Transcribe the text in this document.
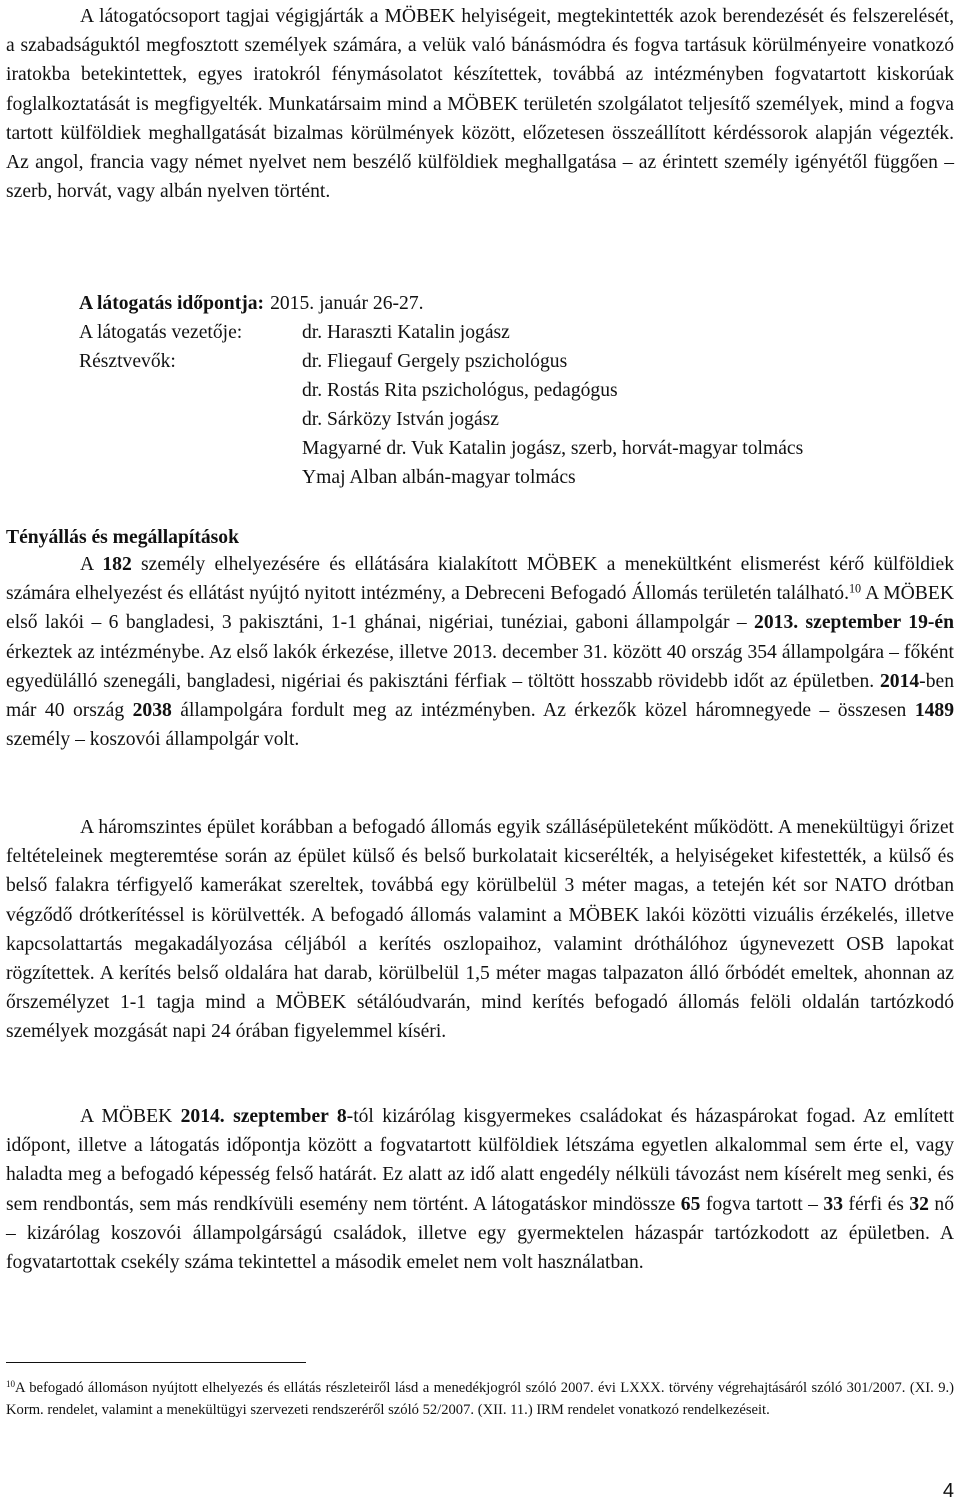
A látogatócsoport tagjai végigjárták a MÖBEK helyiségeit, megtekintették azok berendezését és felszerelését, a szabadságuktól megfosztott személyek számára, a velük való bánásmódra és fogva tartásuk körülményeire vonatkozó iratokba betekintettek, egyes iratokról fénymásolatot készítettek, továbbá az intézményben fogvatartott kiskorúak foglalkoztatását is megfigyelték. Munkatársaim mind a MÖBEK területén szolgálatot teljesítő személyek, mind a fogva tartott külföldiek meghallgatását bizalmas körülmények között, előzetesen összeállított kérdéssorok alapján végezték. Az angol, francia vagy német nyelvet nem beszélő külföldiek meghallgatása – az érintett személy igényétől függően – szerb, horvát, vagy albán nyelven történt.

A látogatás időpontja: 2015. január 26-27.
A látogatás vezetője:	dr. Haraszti Katalin jogász
Résztvevők:	dr. Fliegauf Gergely pszichológus
dr. Rostás Rita pszichológus, pedagógus
dr. Sárközy István jogász
Magyarné dr. Vuk Katalin jogász, szerb, horvát-magyar tolmács
Ymaj Alban albán-magyar tolmács
Tényállás és megállapítások

A 182 személy elhelyezésére és ellátására kialakított MÖBEK a menekültként elismerést kérő külföldiek számára elhelyezést és ellátást nyújtó nyitott intézmény, a Debreceni Befogadó Állomás területén található.$^{10}$ A MÖBEK első lakói – 6 bangladesi, 3 pakisztáni, 1-1 ghánai, nigériai, tunéziai, gaboni állampolgár – 2013. szeptember 19-én érkeztek az intézménybe. Az első lakók érkezése, illetve 2013. december 31. között 40 ország 354 állampolgára – főként egyedülálló szenegáli, bangladesi, nigériai és pakisztáni férfiak – töltött hosszabb rövidebb időt az épületben. 2014-ben már 40 ország 2038 állampolgára fordult meg az intézményben. Az érkezők közel háromnegyede – összesen 1489 személy – koszovói állampolgár volt.

A háromszintes épület korábban a befogadó állomás egyik szállásépületeként működött. A menekültügyi őrizet feltételeinek megteremtése során az épület külső és belső burkolatait kicserélték, a helyiségeket kifestették, a külső és belső falakra térfigyelő kamerákat szereltek, továbbá egy körülbelül 3 méter magas, a tetején két sor NATO drótban végződő drótkerítéssel is körülvették. A befogadó állomás valamint a MÖBEK lakói közötti vizuális érzékelés, illetve kapcsolattartás megakadályozása céljából a kerítés oszlopaihoz, valamint dróthálóhoz úgynevezett OSB lapokat rögzítettek. A kerítés belső oldalára hat darab, körülbelül 1,5 méter magas talpazaton álló őrbódét emeltek, ahonnan az őrszemélyzet 1-1 tagja mind a MÖBEK sétálóudvarán, mind kerítés befogadó állomás felöli oldalán tartózkodó személyek mozgását napi 24 órában figyelemmel kíséri.

A MÖBEK 2014. szeptember 8-tól kizárólag kisgyermekes családokat és házaspárokat fogad. Az említett időpont, illetve a látogatás időpontja között a fogvatartott külföldiek létszáma egyetlen alkalommal sem érte el, vagy haladta meg a befogadó képesség felső határát. Ez alatt az idő alatt engedély nélküli távozást nem kísérelt meg senki, és sem rendbontás, sem más rendkívüli esemény nem történt. A látogatáskor mindössze 65 fogva tartott – 33 férfi és 32 nő – kizárólag koszovói állampolgárságú családok, illetve egy gyermektelen házaspár tartózkodott az épületben. A fogvatartottak csekély száma tekintettel a második emelet nem volt használatban.

$^{10}$A befogadó állomáson nyújtott elhelyezés és ellátás részleteiről lásd a menedékjogról szóló 2007. évi LXXX. törvény végrehajtásáról szóló 301/2007. (XI. 9.) Korm. rendelet, valamint a menekültügyi szervezeti rendszeréről szóló 52/2007. (XII. 11.) IRM rendelet vonatkozó rendelkezéseit.

4
